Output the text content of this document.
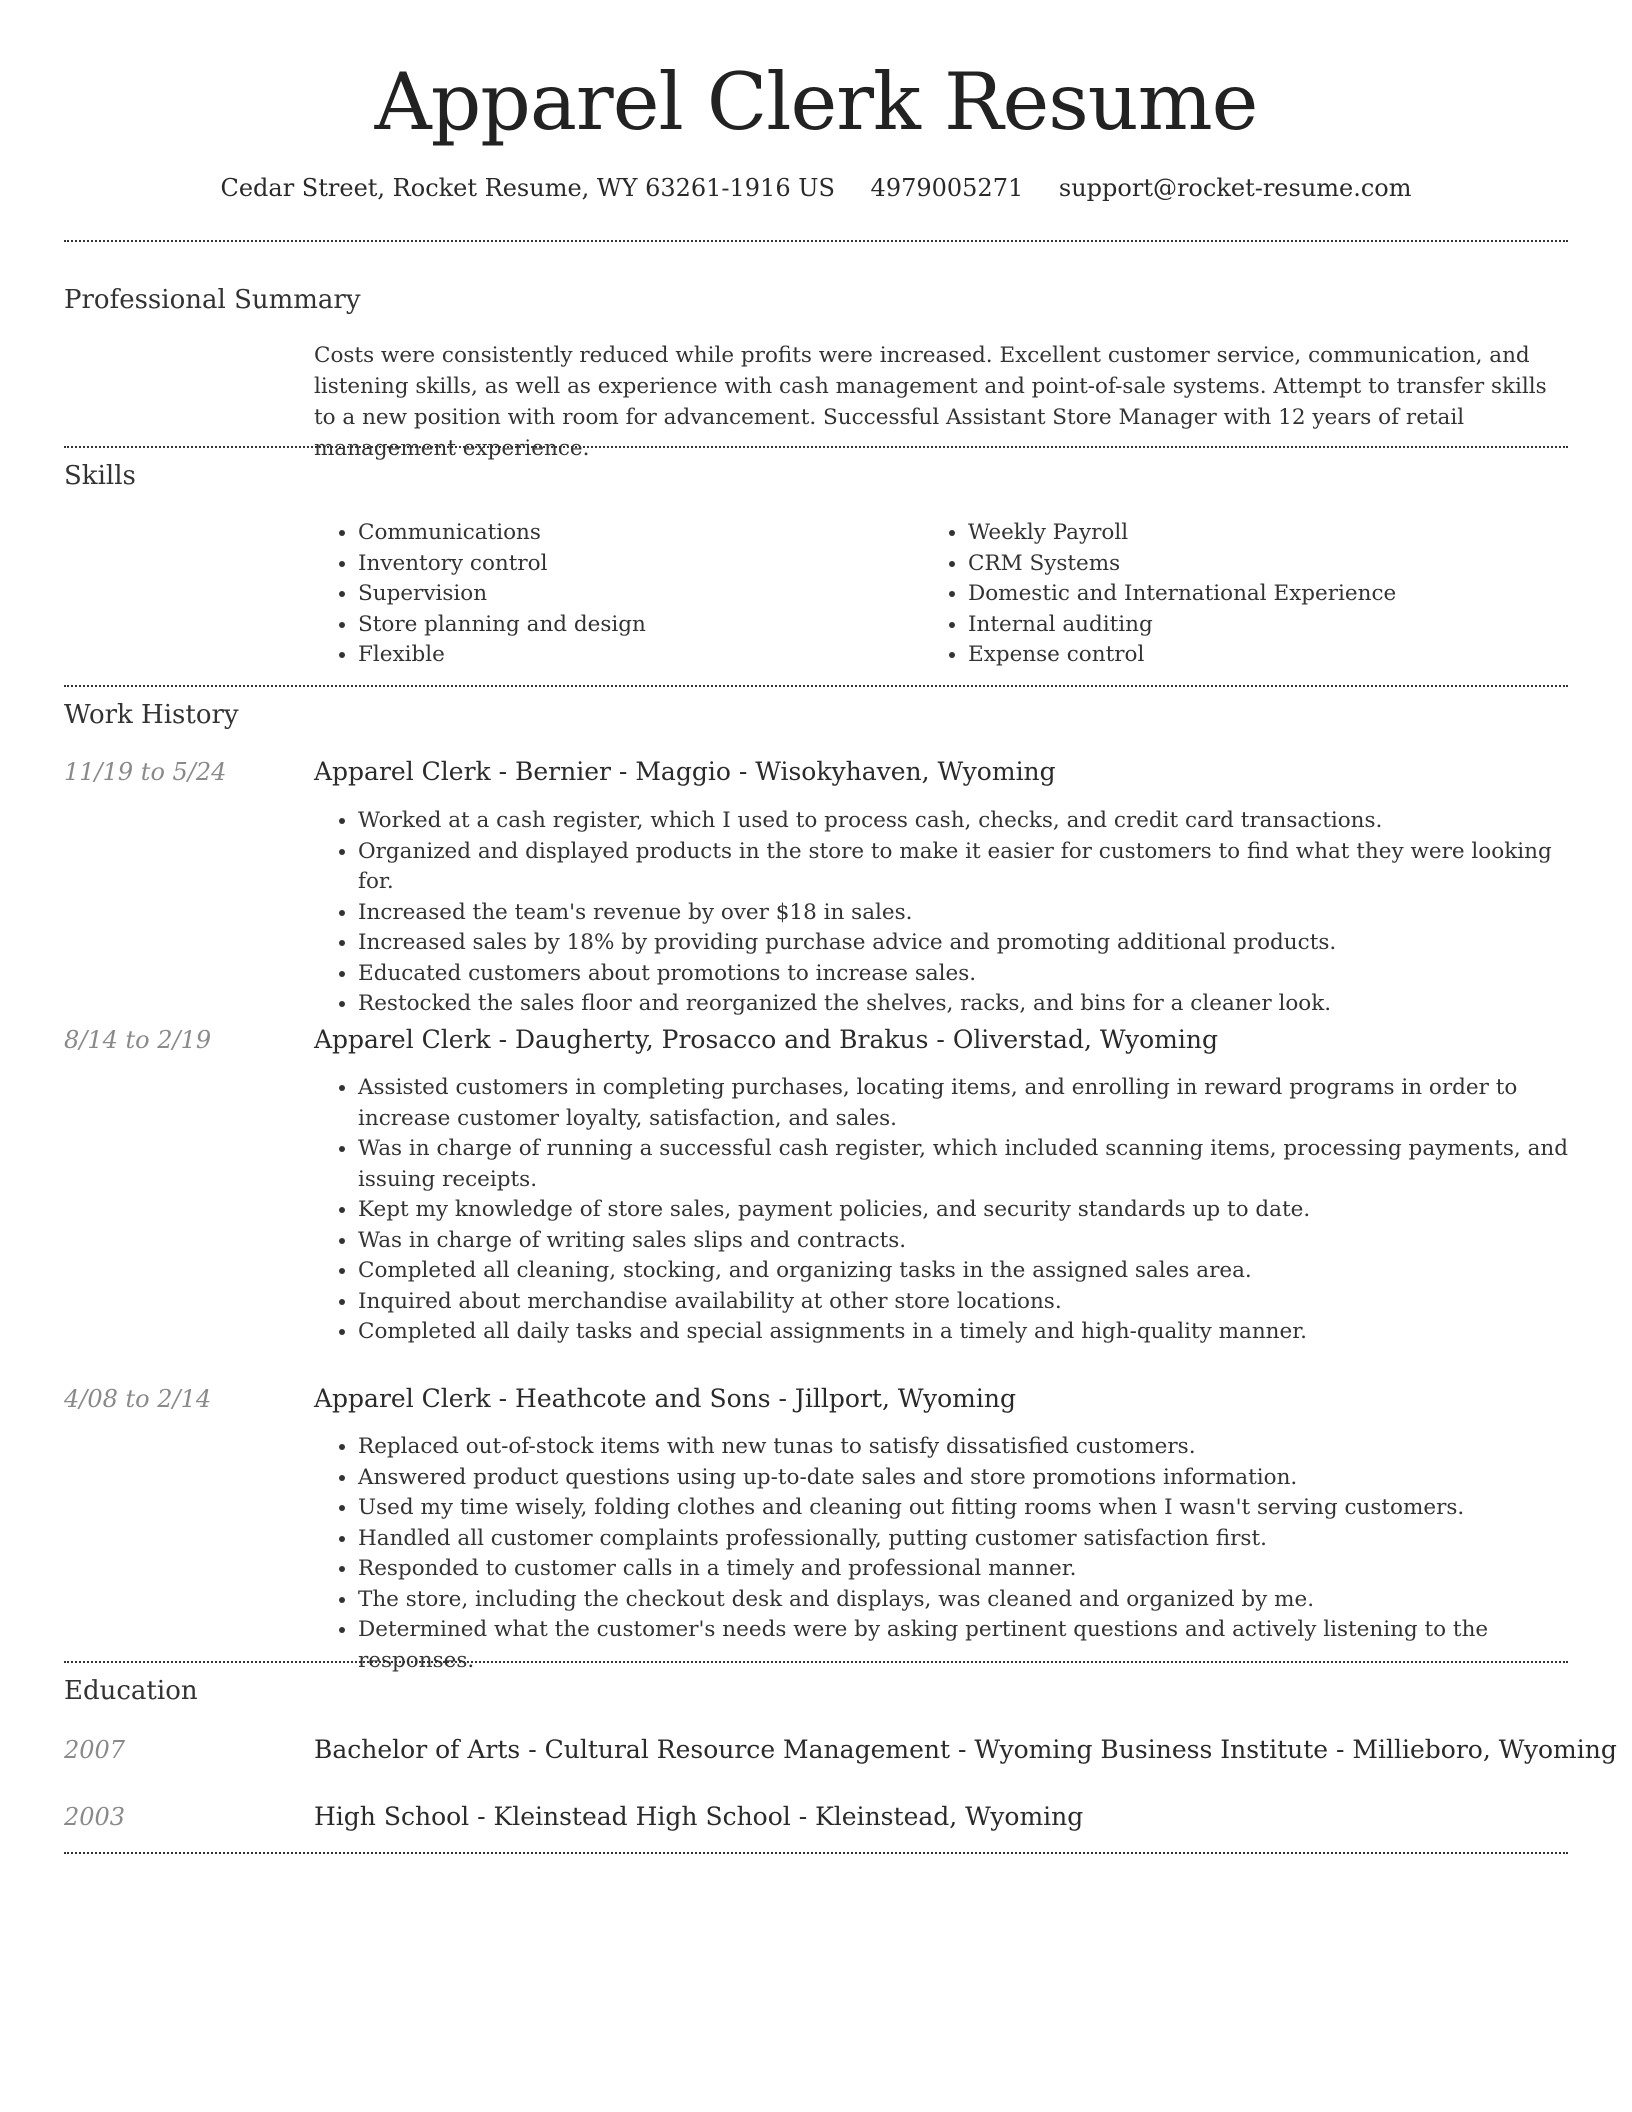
Apparel Clerk Resume
Cedar Street, Rocket Resume, WY 63261-1916 US 4979005271 support@rocket-resume.com
Professional Summary

Costs were consistently reduced while profits were increased. Excellent customer service, communication, and listening skills, as well as experience with cash management and point-of-sale systems. Attempt to transfer skills to a new position with room for advancement. Successful Assistant Store Manager with 12 years of retail management experience.

Skills
• Communications
• Inventory control
• Supervision
• Store planning and design
• Flexible
• Weekly Payroll
• CRM Systems
• Domestic and International Experience
• Internal auditing
• Expense control
Work History
11/19 to 5/24	Apparel Clerk - Bernier - Maggio - Wisokyhaven, Wyoming
• Worked at a cash register, which I used to process cash, checks, and credit card transactions.
• Organized and displayed products in the store to make it easier for customers to find what they were looking for.
• Increased the team's revenue by over $18 in sales.
• Increased sales by 18% by providing purchase advice and promoting additional products.
• Educated customers about promotions to increase sales.
• Restocked the sales floor and reorganized the shelves, racks, and bins for a cleaner look.
8/14 to 2/19	Apparel Clerk - Daugherty, Prosacco and Brakus - Oliverstad, Wyoming
• Assisted customers in completing purchases, locating items, and enrolling in reward programs in order to increase customer loyalty, satisfaction, and sales.
• Was in charge of running a successful cash register, which included scanning items, processing payments, and issuing receipts.
• Kept my knowledge of store sales, payment policies, and security standards up to date.
• Was in charge of writing sales slips and contracts.
• Completed all cleaning, stocking, and organizing tasks in the assigned sales area.
• Inquired about merchandise availability at other store locations.
• Completed all daily tasks and special assignments in a timely and high-quality manner.
4/08 to 2/14	Apparel Clerk - Heathcote and Sons - Jillport, Wyoming
• Replaced out-of-stock items with new tunas to satisfy dissatisfied customers.
• Answered product questions using up-to-date sales and store promotions information.
• Used my time wisely, folding clothes and cleaning out fitting rooms when I wasn't serving customers.
• Handled all customer complaints professionally, putting customer satisfaction first.
• Responded to customer calls in a timely and professional manner.
• The store, including the checkout desk and displays, was cleaned and organized by me.
• Determined what the customer's needs were by asking pertinent questions and actively listening to the responses.
Education
2007	Bachelor of Arts - Cultural Resource Management - Wyoming Business Institute - Millieboro, Wyoming
2003	High School - Kleinstead High School - Kleinstead, Wyoming
